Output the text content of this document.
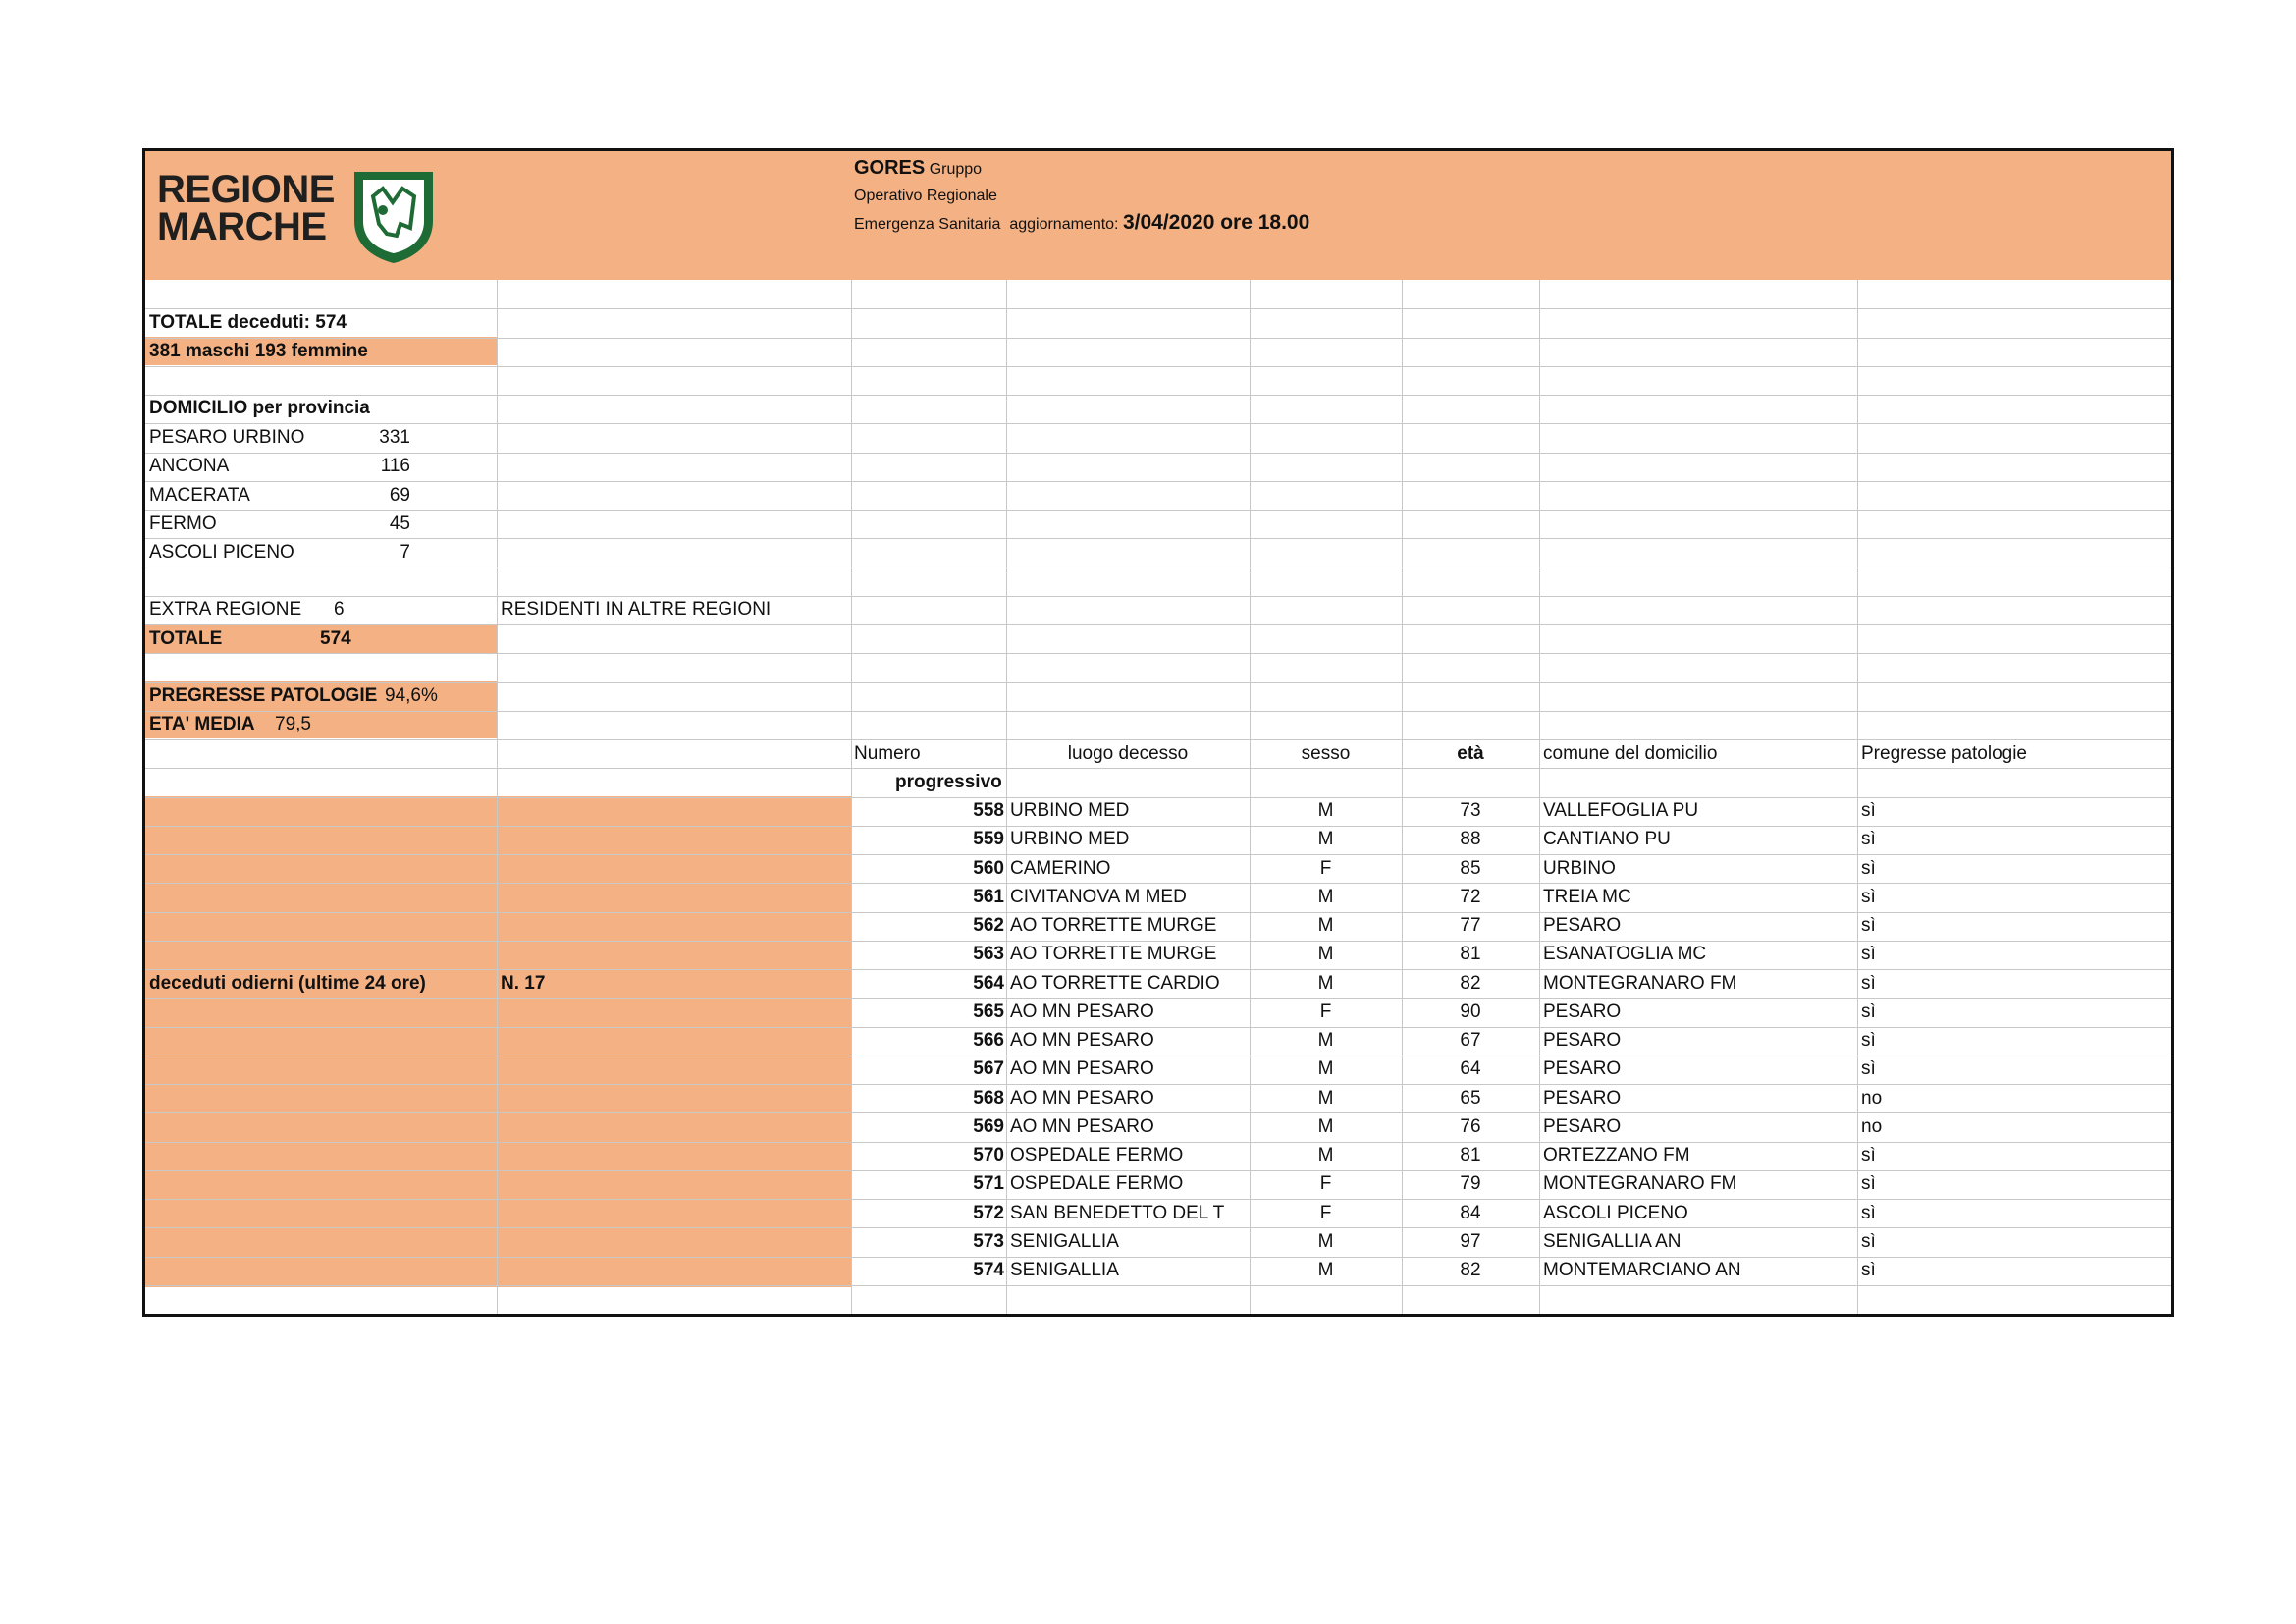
REGIONE
MARCHE
GORES Gruppo
Operativo Regionale
Emergenza Sanitaria aggiornamento: 3/04/2020 ore 18.00
TOTALE deceduti: 574
381 maschi 193 femmine
DOMICILIO per provincia
PESARO URBINO	331
ANCONA	116
MACERATA	69
FERMO	45
ASCOLI PICENO	7
EXTRA REGIONE 6	RESIDENTI IN ALTRE REGIONI
TOTALE	574
PREGRESSE PATOLOGIE 94,6%
ETA' MEDIA 79,5
deceduti odierni (ultime 24 ore)	N. 17
Numero
progressivo
luogo decesso	sesso	età	comune del domicilio	Pregresse patologie
558 URBINO MED	M	73	VALLEFOGLIA PU	sì
559 URBINO MED	M	88	CANTIANO PU	sì
560 CAMERINO	F	85	URBINO	sì
561 CIVITANOVA M MED	M	72	TREIA MC	sì
562 AO TORRETTE MURGE	M	77	PESARO	sì
563 AO TORRETTE MURGE	M	81	ESANATOGLIA MC	sì
564 AO TORRETTE CARDIO	M	82	MONTEGRANARO FM	sì
565 AO MN PESARO	F	90	PESARO	sì
566 AO MN PESARO	M	67	PESARO	sì
567 AO MN PESARO	M	64	PESARO	sì
568 AO MN PESARO	M	65	PESARO	no
569 AO MN PESARO	M	76	PESARO	no
570 OSPEDALE FERMO	M	81	ORTEZZANO FM	sì
571 OSPEDALE FERMO	F	79	MONTEGRANARO FM	sì
572 SAN BENEDETTO DEL T	F	84	ASCOLI PICENO	sì
573 SENIGALLIA	M	97	SENIGALLIA AN	sì
574 SENIGALLIA	M	82	MONTEMARCIANO AN	sì
